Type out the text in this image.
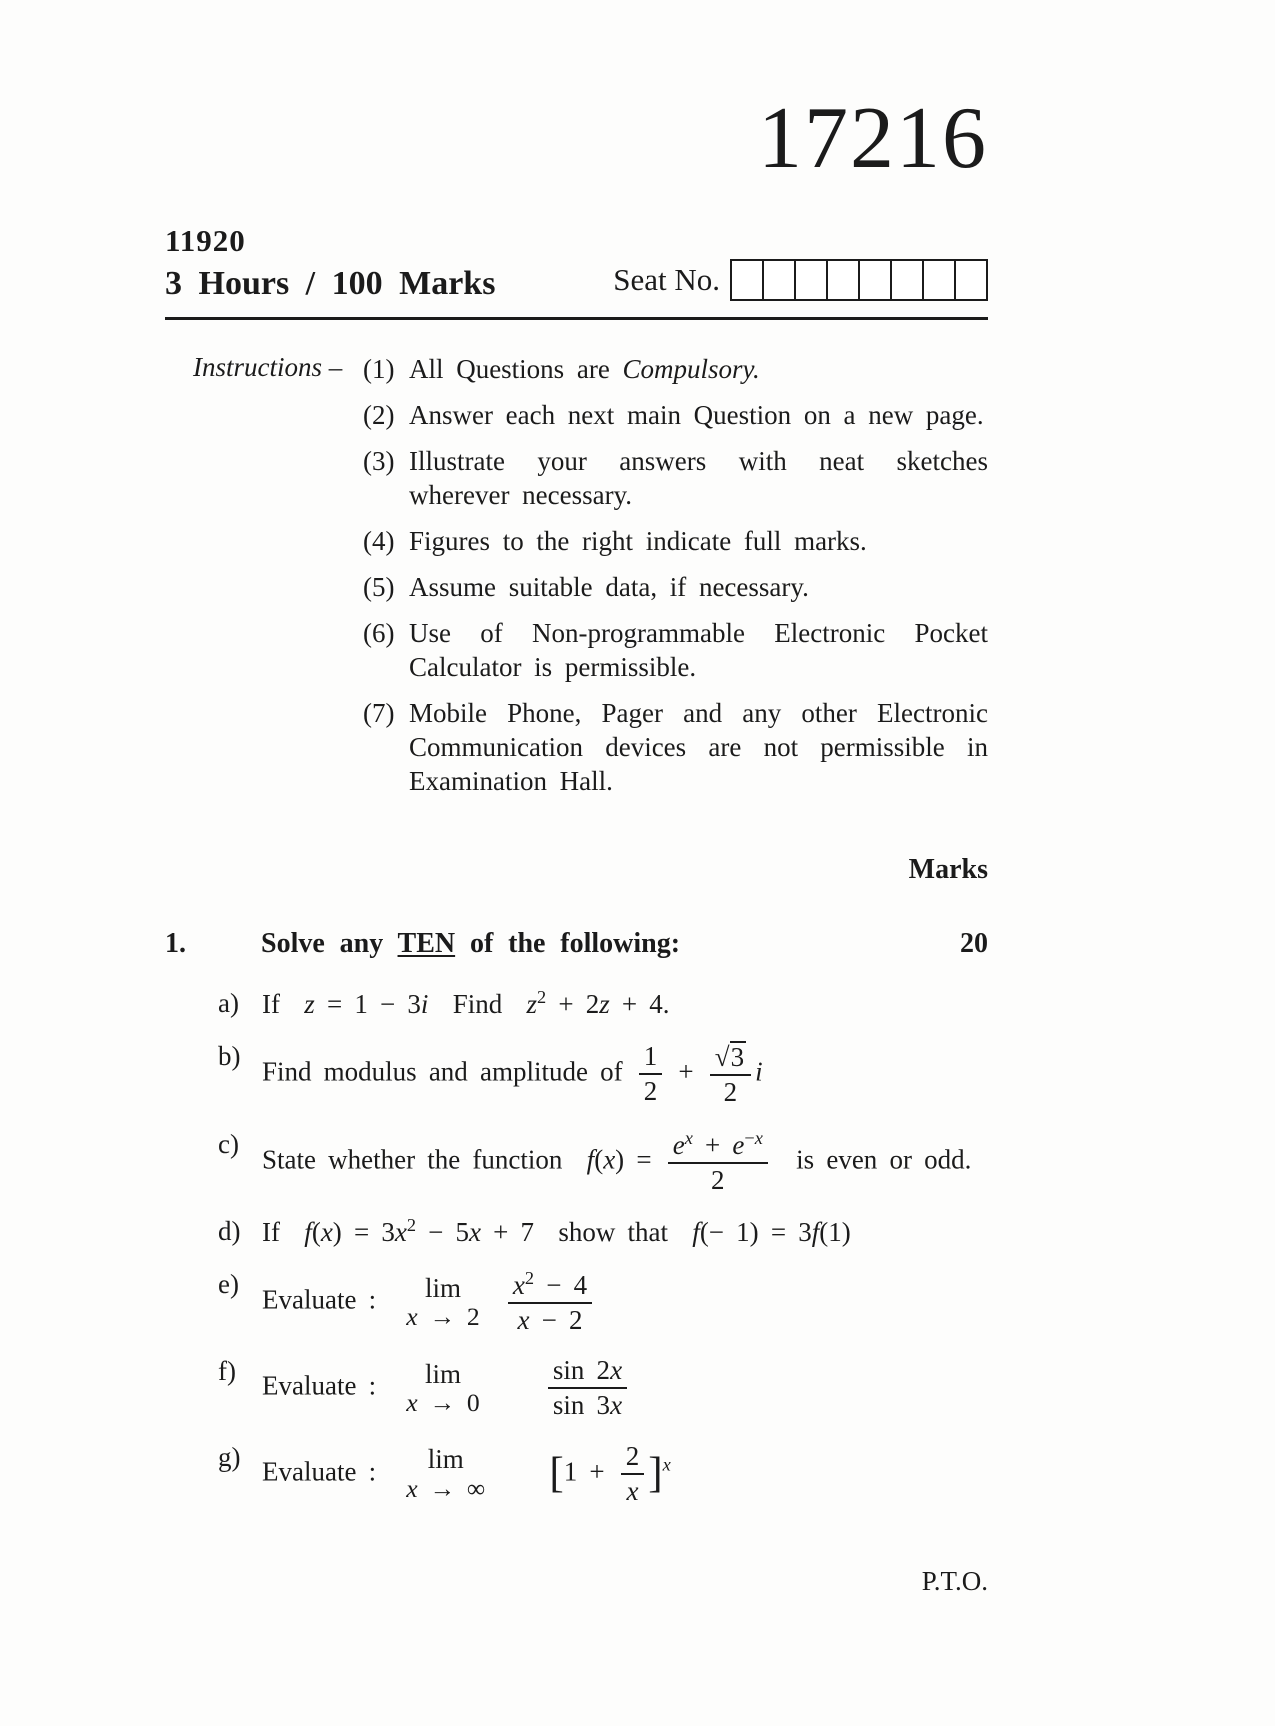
17216
11920
3 Hours / 100 Marks	Seat No.
Instructions – (1) All Questions are Compulsory.
(2) Answer each next main Question on a new page.
(3) Illustrate your answers with neat sketches wherever necessary.
(4) Figures to the right indicate full marks.
(5) Assume suitable data, if necessary.
(6) Use of Non-programmable Electronic Pocket Calculator is permissible.
(7) Mobile Phone, Pager and any other Electronic Communication devices are not permissible in Examination Hall.
Marks
1.	Solve any TEN of the following:	20
a) If  z = 1 − 3i  Find  $z^2 + 2z + 4$.
b)
Find modulus and amplitude of $\frac{1}{2} + \frac{√3}{2}$ i
c)
State whether the function  $f(x) = \frac{e^x + e^{-x}}{2}$ is even or odd.
d) If  $f(x) = 3x^2 - 5x + 7$  show that  f(− 1) = 3f(1)
e)
Evaluate :	lim
x → 2
$\frac{x^2 - 4}{x - 2}$
f) Evaluate :	lim
x → 0
	$\frac{\sin 2x}{\sin 3x}$
g) Evaluate :	lim
x → ∞ $[1 + \frac{2}{x} ]^x$
P.T.O.
